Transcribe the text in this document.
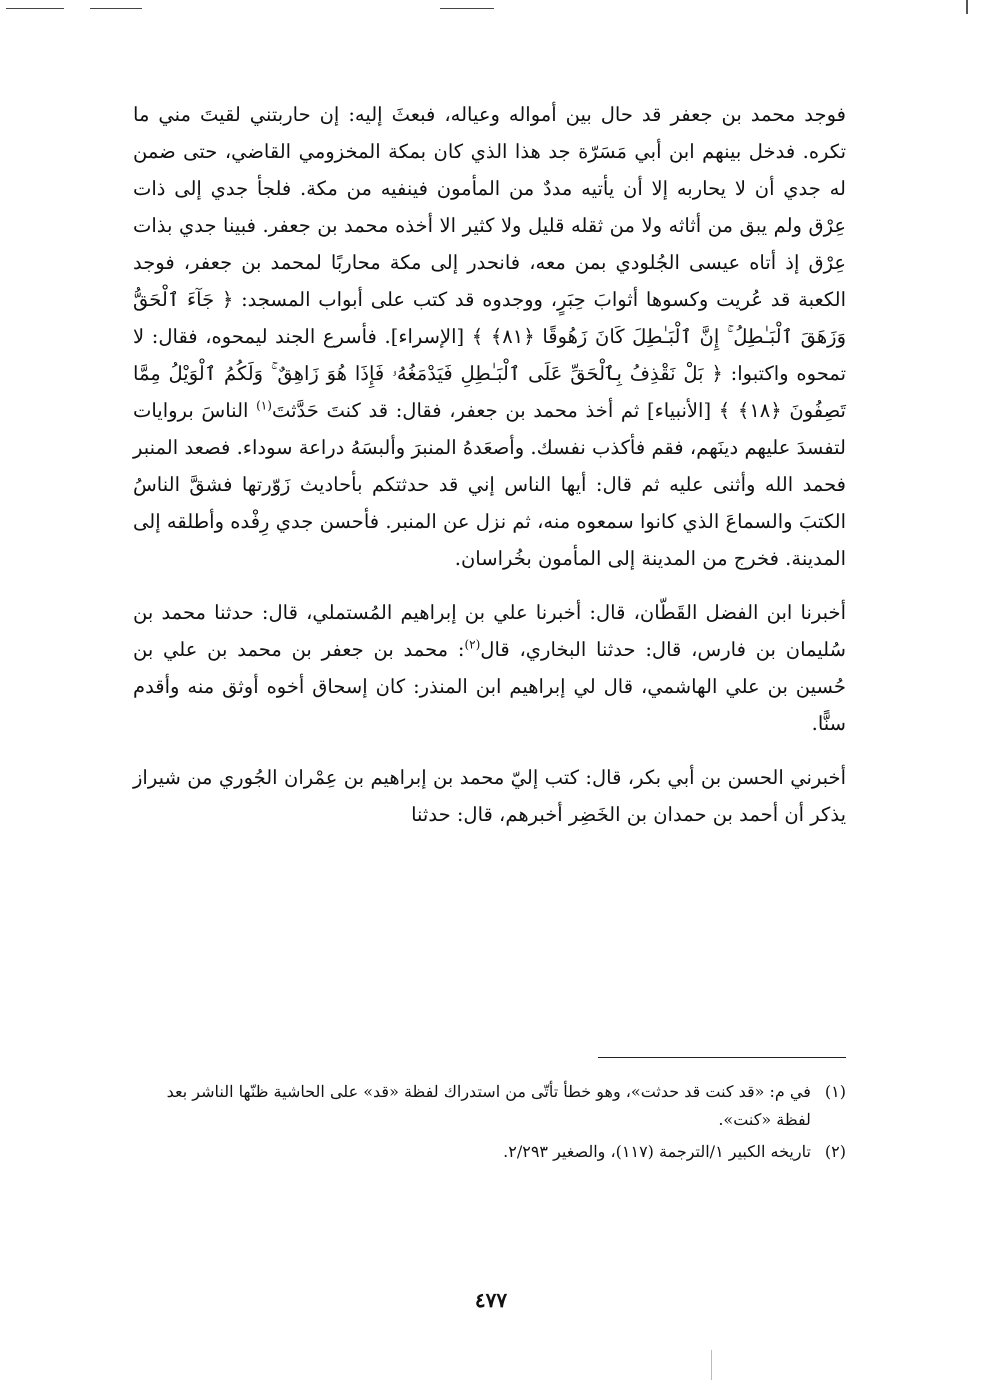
فوجد محمد بن جعفر قد حال بين أمواله وعياله، فبعثَ إليه: إن حاربتني لقيتَ مني ما تكره. فدخل بينهم ابن أبي مَسَرّة جد هذا الذي كان بمكة المخزومي القاضي، حتى ضمن له جدي أن لا يحاربه إلا أن يأتيه مددٌ من المأمون فينفيه من مكة. فلجأ جدي إلى ذات عِرْق ولم يبق من أثاثه ولا من ثقله قليل ولا كثير الا أخذه محمد بن جعفر. فبينا جدي بذات عِرْق إذ أتاه عيسى الجُلودي بمن معه، فانحدر إلى مكة محاربًا لمحمد بن جعفر، فوجد الكعبة قد عُريت وكسوها أثوابَ حِبَرٍ، ووجدوه قد كتب على أبواب المسجد: ﴿ جَآءَ ٱلْحَقُّ وَزَهَقَ ٱلْبَـٰطِلُ ۚ إِنَّ ٱلْبَـٰطِلَ كَانَ زَهُوقًا ﴿٨١﴾ ﴾ [الإسراء]. فأسرع الجند ليمحوه، فقال: لا تمحوه واكتبوا: ﴿ بَلْ نَقْذِفُ بِٱلْحَقِّ عَلَى ٱلْبَـٰطِلِ فَيَدْمَغُهُۥ فَإِذَا هُوَ زَاهِقٌ ۚ وَلَكُمُ ٱلْوَيْلُ مِمَّا تَصِفُونَ ﴿١٨﴾ ﴾ [الأنبياء] ثم أخذ محمد بن جعفر، فقال: قد كنتَ حَدَّثتَ$^{(١)}$ الناسَ بروايات لتفسدَ عليهم دينَهم، فقم فأكذب نفسك. وأصعَدهُ المنبرَ وألبسَهُ دراعة سوداء. فصعد المنبر فحمد الله وأثنى عليه ثم قال: أيها الناس إني قد حدثتكم بأحاديث زَوّرتها فشقَّ الناسُ الكتبَ والسماعَ الذي كانوا سمعوه منه، ثم نزل عن المنبر. فأحسن جدي رِفْده وأطلقه إلى المدينة. فخرج من المدينة إلى المأمون بخُراسان.

أخبرنا ابن الفضل القَطّان، قال: أخبرنا علي بن إبراهيم المُستملي، قال: حدثنا محمد بن سُليمان بن فارس، قال: حدثنا البخاري، قال$^{(٢)}$: محمد بن جعفر بن محمد بن علي بن حُسين بن علي الهاشمي، قال لي إبراهيم ابن المنذر: كان إسحاق أخوه أوثق منه وأقدم سنًّا.

أخبرني الحسن بن أبي بكر، قال: كتب إليّ محمد بن إبراهيم بن عِمْران الجُوري من شيراز يذكر أن أحمد بن حمدان بن الخَضِر أخبرهم، قال: حدثنا

(١)
في م: «قد كنت قد حدثت»، وهو خطأ تأتّى من استدراك لفظة «قد» على الحاشية ظنّها الناشر بعد لفظة «كنت».

(٢)
تاريخه الكبير ١/الترجمة (١١٧)، والصغير ٢/٢٩٣.

٤٧٧
